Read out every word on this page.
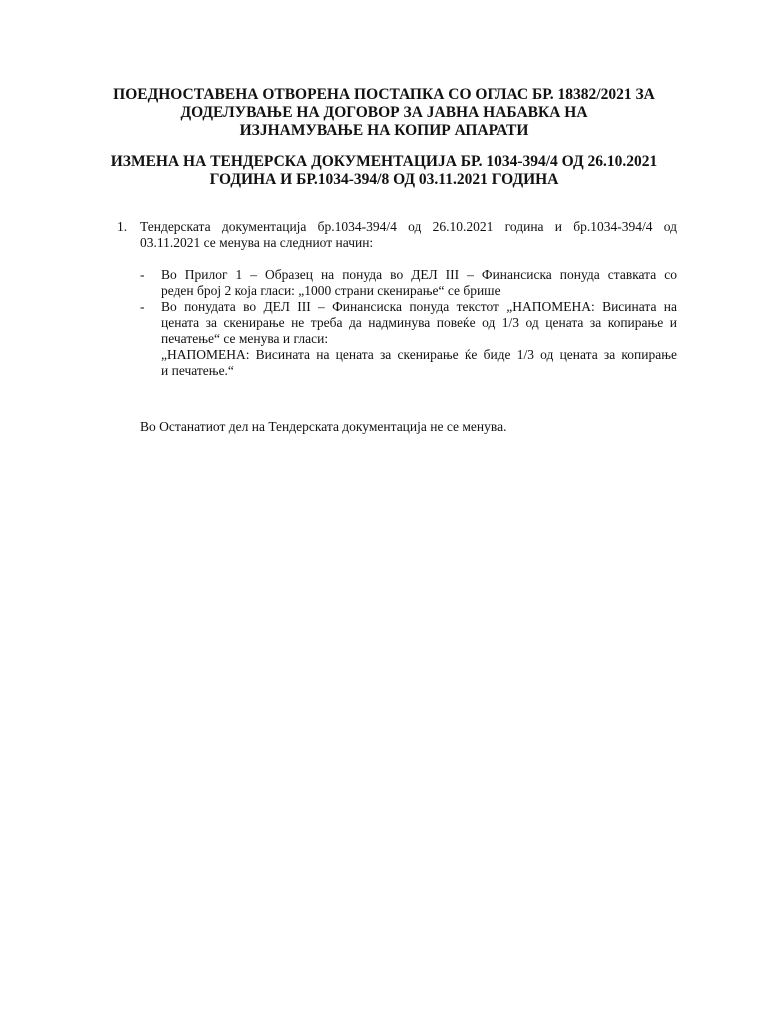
ПОЕДНОСТАВЕНА ОТВОРЕНА ПОСТАПКА СО ОГЛАС БР. 18382/2021 ЗА
ДОДЕЛУВАЊЕ НА ДОГОВОР ЗА ЈАВНА НАБАВКА НА
ИЗЈНАМУВАЊЕ НА КОПИР АПАРАТИ
ИЗМЕНА НА ТЕНДЕРСКА ДОКУМЕНТАЦИЈА БР. 1034-394/4 ОД 26.10.2021
ГОДИНА И БР.1034-394/8 ОД 03.11.2021 ГОДИНА
1. Тендерската документација бр.1034-394/4 од 26.10.2021 година и бр.1034-394/4 од
03.11.2021 се менува на следниот начин:
- Во Прилог 1 – Образец на понуда во ДЕЛ III – Финансиска понуда ставката со
реден број 2 која гласи: „1000 страни скенирање“ се брише
- Во понудата во ДЕЛ III – Финансиска понуда текстот „НАПОМЕНА: Висината на
цената за скенирање не треба да надминува повеќе од 1/3 од цената за копирање и
печатење“ се менува и гласи:
„НАПОМЕНА: Висината на цената за скенирање ќе биде 1/3 од цената за копирање
и печатење.“
Во Останатиот дел на Тендерската документација не се менува.
